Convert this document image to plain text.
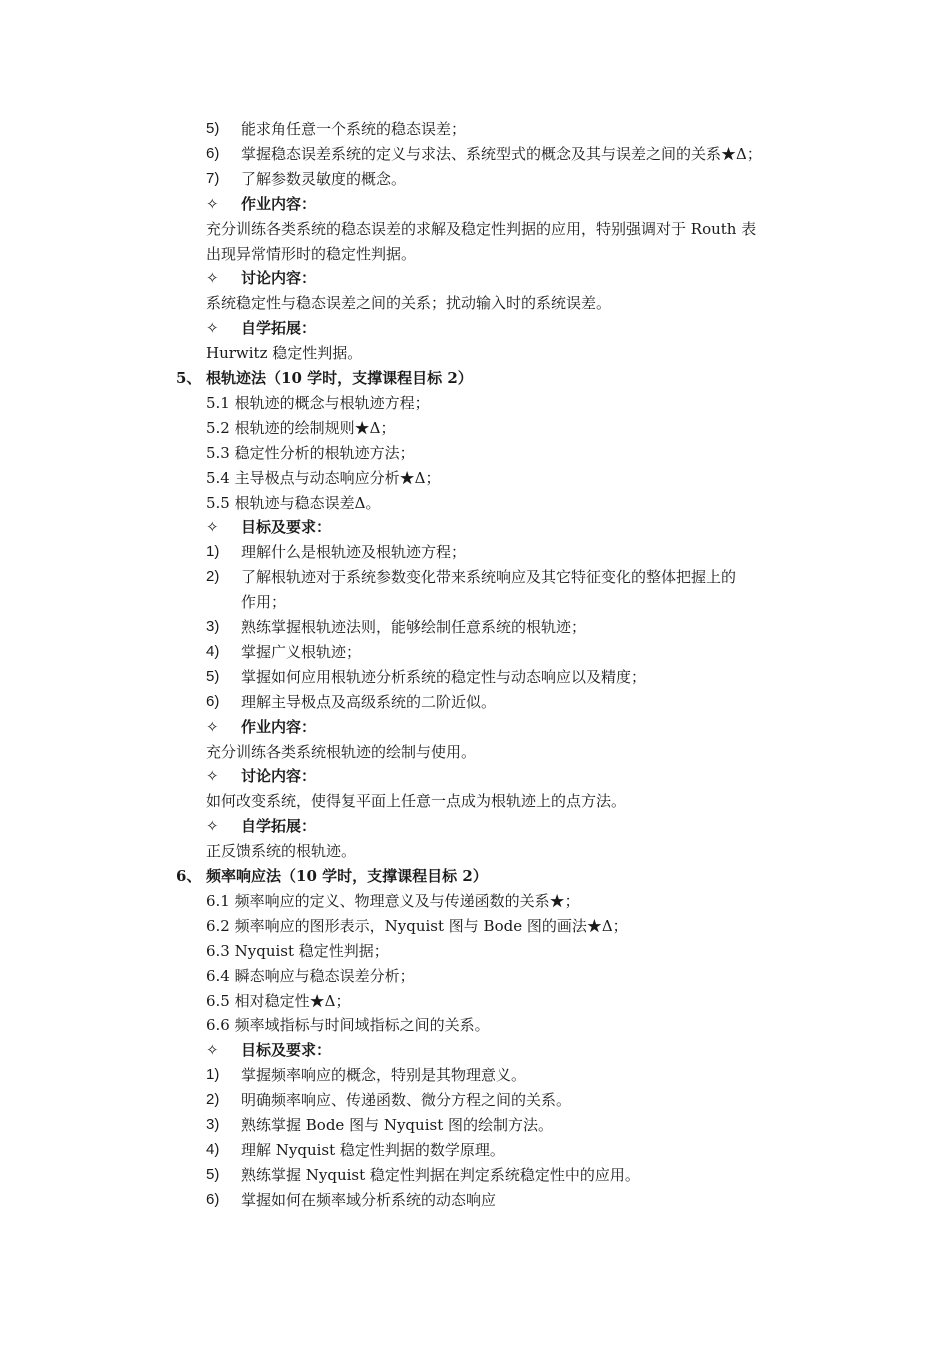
5)	能求角任意一个系统的稳态误差；
6)	掌握稳态误差系统的定义与求法、系统型式的概念及其与误差之间的关系★Δ；
7)	了解参数灵敏度的概念。
✧ 作业内容：
充分训练各类系统的稳态误差的求解及稳定性判据的应用，特别强调对于 Routh 表
出现异常情形时的稳定性判据。
✧ 讨论内容：
系统稳定性与稳态误差之间的关系；扰动输入时的系统误差。
✧ 自学拓展：
Hurwitz 稳定性判据。
5、 根轨迹法（10 学时，支撑课程目标 2）
5.1 根轨迹的概念与根轨迹方程；
5.2 根轨迹的绘制规则★Δ；
5.3 稳定性分析的根轨迹方法；
5.4 主导极点与动态响应分析★Δ；
5.5 根轨迹与稳态误差Δ。
✧ 目标及要求：
1)	理解什么是根轨迹及根轨迹方程；
2)	了解根轨迹对于系统参数变化带来系统响应及其它特征变化的整体把握上的
作用；
3)	熟练掌握根轨迹法则，能够绘制任意系统的根轨迹；
4)	掌握广义根轨迹；
5)	掌握如何应用根轨迹分析系统的稳定性与动态响应以及精度；
6)	理解主导极点及高级系统的二阶近似。
✧ 作业内容：
充分训练各类系统根轨迹的绘制与使用。
✧ 讨论内容：
如何改变系统，使得复平面上任意一点成为根轨迹上的点方法。
✧ 自学拓展：
正反馈系统的根轨迹。
6、 频率响应法（10 学时，支撑课程目标 2）
6.1 频率响应的定义、物理意义及与传递函数的关系★；
6.2 频率响应的图形表示，Nyquist 图与 Bode 图的画法★Δ；
6.3 Nyquist 稳定性判据；
6.4 瞬态响应与稳态误差分析；
6.5 相对稳定性★Δ；
6.6 频率域指标与时间域指标之间的关系。
✧ 目标及要求：
1)	掌握频率响应的概念，特别是其物理意义。
2)	明确频率响应、传递函数、微分方程之间的关系。
3)	熟练掌握 Bode 图与 Nyquist 图的绘制方法。
4)	理解 Nyquist 稳定性判据的数学原理。
5)	熟练掌握 Nyquist 稳定性判据在判定系统稳定性中的应用。
6)	掌握如何在频率域分析系统的动态响应
